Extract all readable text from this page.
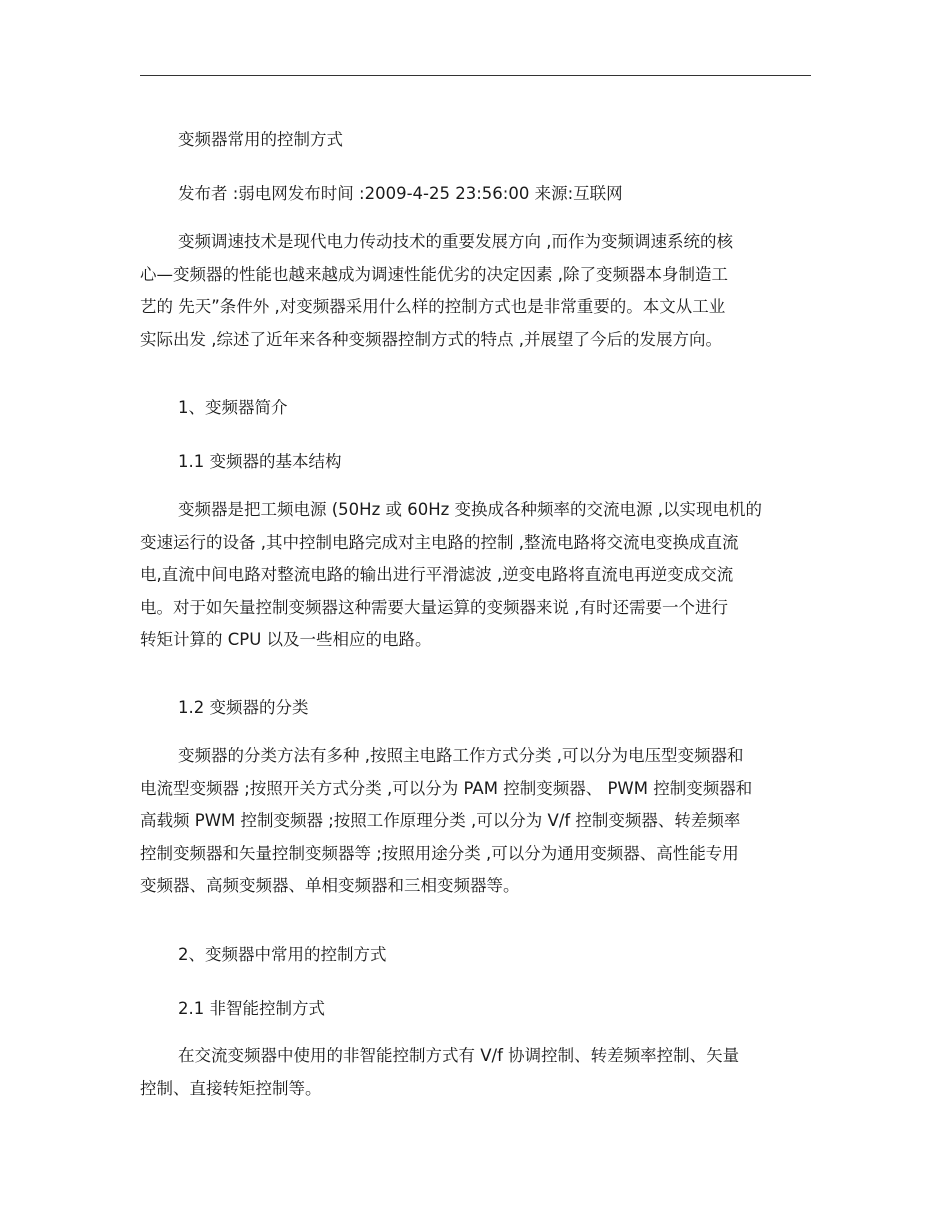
变频器常用的控制方式

发布者 :弱电网发布时间 :2009-4-25 23:56:00 来源:互联网

变频调速技术是现代电力传动技术的重要发展方向 ,而作为变频调速系统的核

心—变频器的性能也越来越成为调速性能优劣的决定因素 ,除了变频器本身制造工

艺的 先天”条件外 ,对变频器采用什么样的控制方式也是非常重要的。本文从工业

实际出发 ,综述了近年来各种变频器控制方式的特点 ,并展望了今后的发展方向。

1、变频器简介

1.1 变频器的基本结构

变频器是把工频电源 (50Hz 或 60Hz 变换成各种频率的交流电源 ,以实现电机的

变速运行的设备 ,其中控制电路完成对主电路的控制 ,整流电路将交流电变换成直流

电,直流中间电路对整流电路的输出进行平滑滤波 ,逆变电路将直流电再逆变成交流

电。对于如矢量控制变频器这种需要大量运算的变频器来说 ,有时还需要一个进行

转矩计算的 CPU 以及一些相应的电路。

1.2 变频器的分类

变频器的分类方法有多种 ,按照主电路工作方式分类 ,可以分为电压型变频器和

电流型变频器 ;按照开关方式分类 ,可以分为 PAM 控制变频器、 PWM 控制变频器和

高载频 PWM 控制变频器 ;按照工作原理分类 ,可以分为 V/f 控制变频器、转差频率

控制变频器和矢量控制变频器等 ;按照用途分类 ,可以分为通用变频器、高性能专用

变频器、高频变频器、单相变频器和三相变频器等。

2、变频器中常用的控制方式

2.1 非智能控制方式

在交流变频器中使用的非智能控制方式有 V/f 协调控制、转差频率控制、矢量

控制、直接转矩控制等。
